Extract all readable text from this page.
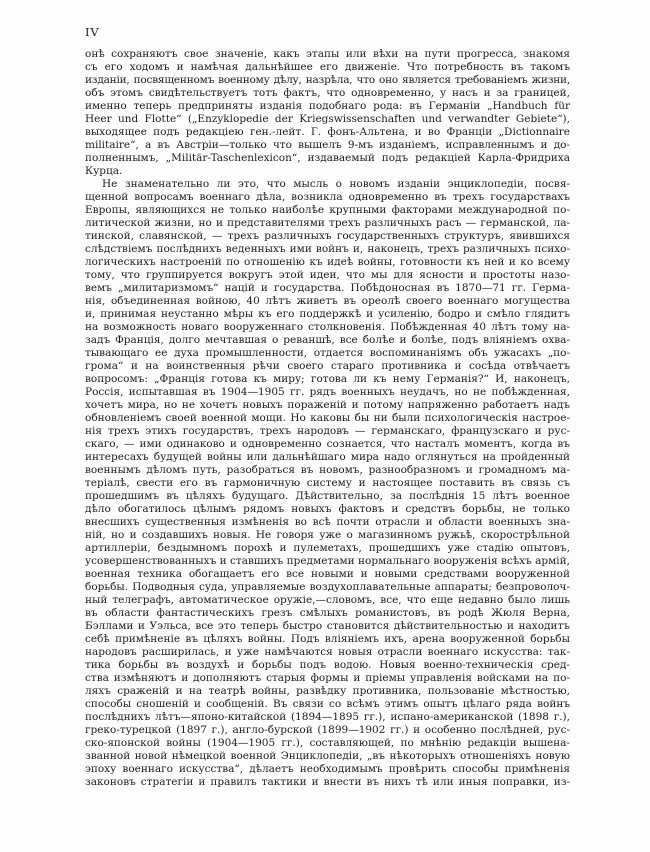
IV
онѣ сохраняютъ свое значеніе, какъ этапы или вѣхи на пути прогресса, знакомя
съ его ходомъ и намѣчая дальнѣйшее его движеніе. Что потребность въ такомъ
изданіи, посвященномъ военному дѣлу, назрѣла, что оно является требованіемъ жизни,
объ этомъ свидѣтельствуетъ тотъ фактъ, что одновременно, у насъ и за границей,
именно теперь предприняты изданія подобнаго рода: въ Германіи „Handbuch für
Heer und Flotte“ („Enzyklopedie der Kriegswissenschaften und verwandter Gebiete“),
выходящее подъ редакціею ген.-лейт. Г. фонъ-Альтена, и во Франціи „Dictionnaire
militaire“, а въ Австріи—только что вышелъ 9-мъ изданіемъ, исправленнымъ и до-
полненнымъ, „Militär-Taschenlexicon“, издаваемый подъ редакціей Карла-Фридриха
Курца.
Не знаменательно ли это, что мысль о новомъ изданіи энциклопедіи, посвя-
щенной вопросамъ военнаго дѣла, возникла одновременно въ трехъ государствахъ
Европы, являющихся не только наиболѣе крупными факторами международной по-
литической жизни, но и представителями трехъ различныхъ расъ — германской, ла-
тинской, славянской, — трехъ различныхъ государственныхъ структуръ, явившихся
слѣдствіемъ послѣднихъ веденныхъ ими войнъ и, наконецъ, трехъ различныхъ психо-
логическихъ настроеній по отношенію къ идеѣ войны, готовности къ ней и ко всему
тому, что группируется вокругъ этой идеи, что мы для ясности и простоты назо-
вемъ „милитаризмомъ“ націй и государства. Побѣдоносная въ 1870—71 гг. Герма-
нія, объединенная войною, 40 лѣтъ живетъ въ ореолѣ своего военнаго могущества
и, принимая неустанно мѣры къ его поддержкѣ и усиленію, бодро и смѣло глядитъ
на возможность новаго вооруженнаго столкновенія. Побѣжденная 40 лѣтъ тому на-
задъ Франція, долго мечтавшая о реваншѣ, все болѣе и болѣе, подъ вліяніемъ охва-
тывающаго ее духа промышленности, отдается воспоминаніямъ объ ужасахъ „по-
грома“ и на воинственныя рѣчи своего стараго противника и сосѣда отвѣчаетъ
вопросомъ: „Франція готова къ миру; готова ли къ нему Германія?“ И, наконецъ,
Россія, испытавшая въ 1904—1905 гг. рядъ военныхъ неудачъ, но не побѣжденная,
хочетъ мира, но не хочетъ новыхъ пораженій и потому напряженно работаетъ надъ
обновленіемъ своей военной мощи. Но каковы бы ни были психологическія настрое-
нія трехъ этихъ государствъ, трехъ народовъ — германскаго, французскаго и рус-
скаго, — ими одинаково и одновременно сознается, что насталъ моментъ, когда въ
интересахъ будущей войны или дальнѣйшаго мира надо оглянуться на пройденный
военнымъ дѣломъ путь, разобраться въ новомъ, разнообразномъ и громадномъ ма-
теріалѣ, свести его въ гармоничную систему и настоящее поставить въ связь съ
прошедшимъ въ цѣляхъ будущаго. Дѣйствительно, за послѣднія 15 лѣтъ военное
дѣло обогатилось цѣлымъ рядомъ новыхъ фактовъ и средствъ борьбы, не только
внесшихъ существенныя измѣненія во всѣ почти отрасли и области военныхъ зна-
ній, но и создавшихъ новыя. Не говоря уже о магазинномъ ружьѣ, скорострѣльной
артиллеріи, бездымномъ порохѣ и пулеметахъ, прошедшихъ уже стадію опытовъ,
усовершенствованныхъ и ставшихъ предметами нормальнаго вооруженія всѣхъ армій,
военная техника обогащаетъ его все новыми и новыми средствами вооруженной
борьбы. Подводныя суда, управляемые воздухоплавательные аппараты; безпроволоч-
ный телеграфъ, автоматическое оружіе,—словомъ, все, что еще недавно было лишь
въ области фантастическихъ грезъ смѣлыхъ романистовъ, въ родѣ Жюля Верна,
Бэллами и Уэльса, все это теперь быстро становится дѣйствительностью и находитъ
себѣ примѣненіе въ цѣляхъ войны. Подъ вліяніемъ ихъ, арена вооруженной борьбы
народовъ расширилась, и уже намѣчаются новыя отрасли военнаго искусства: так-
тика борьбы въ воздухѣ и борьбы подъ водою. Новыя военно-техническія сред-
ства измѣняютъ и дополняютъ старыя формы и пріемы управленія войсками на по-
ляхъ сраженій и на театрѣ войны, развѣдку противника, пользованіе мѣстностью,
способы сношеній и сообщеній. Въ связи со всѣмъ этимъ опытъ цѣлаго ряда войнъ
послѣднихъ лѣтъ—японо-китайской (1894—1895 гг.), испано-американской (1898 г.),
греко-турецкой (1897 г.), англо-бурской (1899—1902 гг.) и особенно послѣдней, рус-
ско-японской войны (1904—1905 гг.), составляющей, по мнѣнію редакціи вышена-
званной новой нѣмецкой военной Энциклопедіи, „въ нѣкоторыхъ отношеніяхъ новую
эпоху военнаго искусства“, дѣлаетъ необходимымъ провѣрить способы примѣненія
законовъ стратегіи и правилъ тактики и внести въ нихъ тѣ или иныя поправки, из-
